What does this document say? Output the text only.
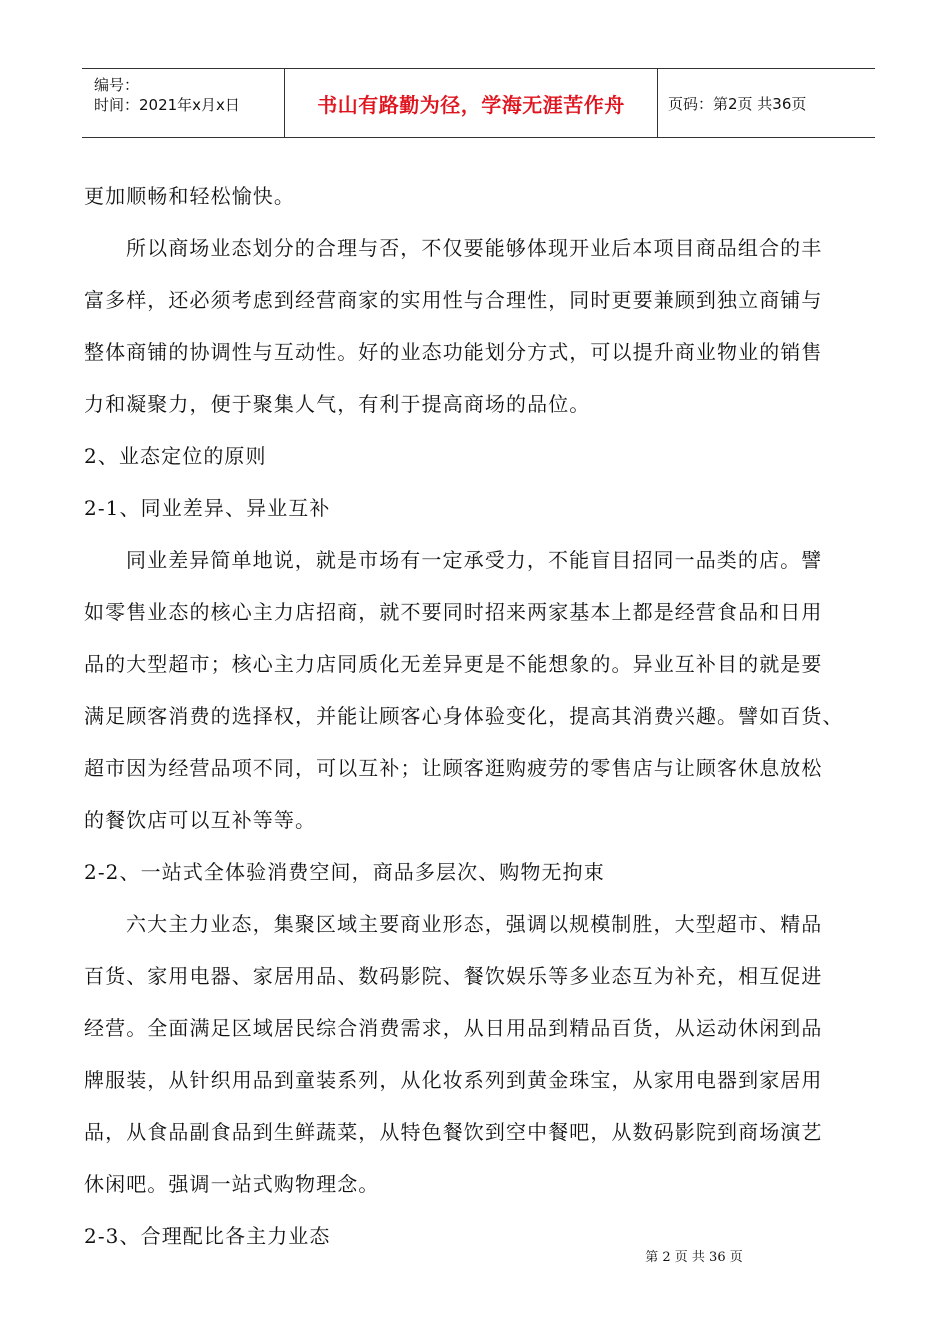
编号：
时间：2021年x月x日	书山有路勤为径，学海无涯苦作舟	页码：第2页 共36页
更加顺畅和轻松愉快。
所以商场业态划分的合理与否，不仅要能够体现开业后本项目商品组合的丰
富多样，还必须考虑到经营商家的实用性与合理性，同时更要兼顾到独立商铺与
整体商铺的协调性与互动性。好的业态功能划分方式，可以提升商业物业的销售
力和凝聚力，便于聚集人气，有利于提高商场的品位。
2、业态定位的原则
2-1、同业差异、异业互补
同业差异简单地说，就是市场有一定承受力，不能盲目招同一品类的店。譬
如零售业态的核心主力店招商，就不要同时招来两家基本上都是经营食品和日用
品的大型超市；核心主力店同质化无差异更是不能想象的。异业互补目的就是要
满足顾客消费的选择权，并能让顾客心身体验变化，提高其消费兴趣。譬如百货、
超市因为经营品项不同，可以互补；让顾客逛购疲劳的零售店与让顾客休息放松
的餐饮店可以互补等等。
2-2、一站式全体验消费空间，商品多层次、购物无拘束
六大主力业态，集聚区域主要商业形态，强调以规模制胜，大型超市、精品
百货、家用电器、家居用品、数码影院、餐饮娱乐等多业态互为补充，相互促进
经营。全面满足区域居民综合消费需求，从日用品到精品百货，从运动休闲到品
牌服装，从针织用品到童装系列，从化妆系列到黄金珠宝，从家用电器到家居用
品，从食品副食品到生鲜蔬菜，从特色餐饮到空中餐吧，从数码影院到商场演艺
休闲吧。强调一站式购物理念。
2-3、合理配比各主力业态
第 2 页 共 36 页
